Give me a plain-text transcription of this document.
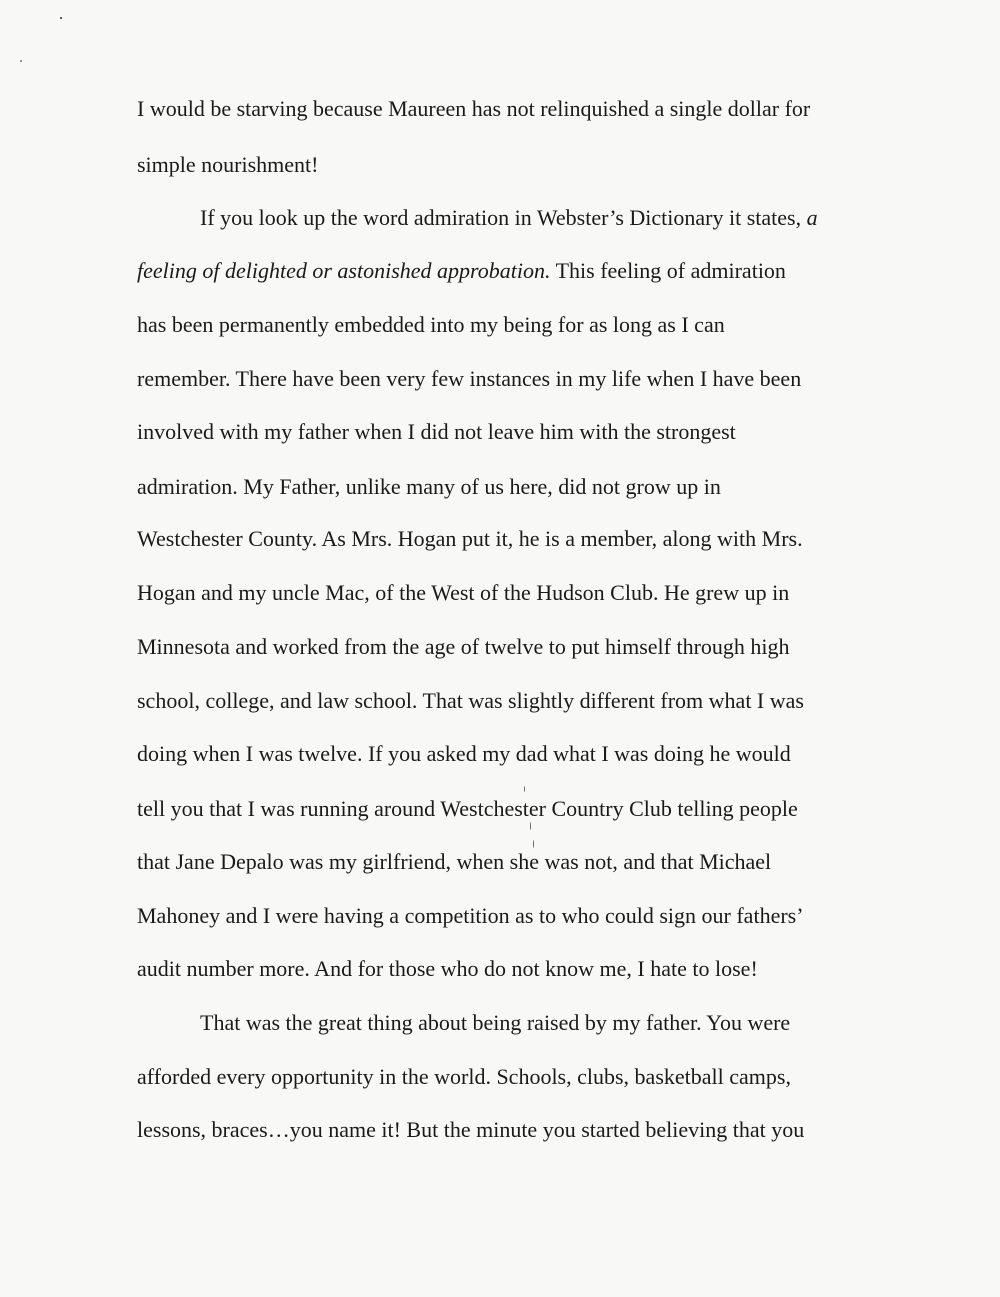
I would be starving because Maureen has not relinquished a single dollar for
simple nourishment!
If you look up the word admiration in Webster’s Dictionary it states, a
feeling of delighted or astonished approbation. This feeling of admiration
has been permanently embedded into my being for as long as I can
remember. There have been very few instances in my life when I have been
involved with my father when I did not leave him with the strongest
admiration. My Father, unlike many of us here, did not grow up in
Westchester County. As Mrs. Hogan put it, he is a member, along with Mrs.
Hogan and my uncle Mac, of the West of the Hudson Club. He grew up in
Minnesota and worked from the age of twelve to put himself through high
school, college, and law school. That was slightly different from what I was
doing when I was twelve. If you asked my dad what I was doing he would
tell you that I was running around Westchester Country Club telling people
that Jane Depalo was my girlfriend, when she was not, and that Michael
Mahoney and I were having a competition as to who could sign our fathers’
audit number more. And for those who do not know me, I hate to lose!
That was the great thing about being raised by my father. You were
afforded every opportunity in the world. Schools, clubs, basketball camps,
lessons, braces…you name it! But the minute you started believing that you
